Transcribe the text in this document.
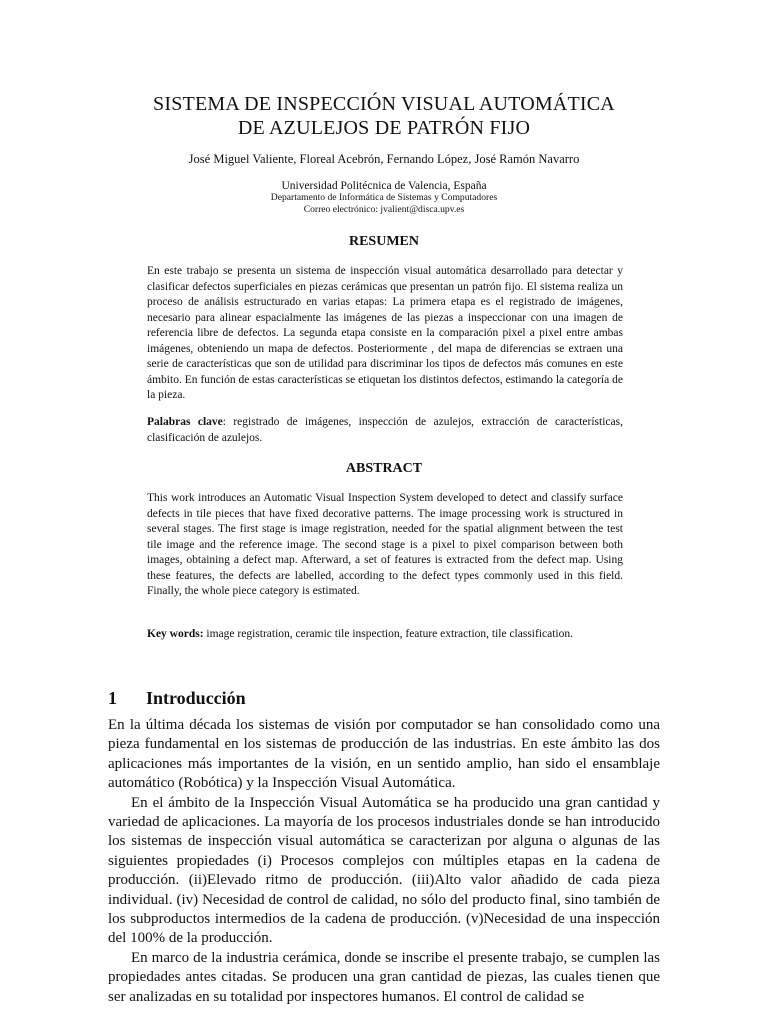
SISTEMA DE INSPECCIÓN VISUAL AUTOMÁTICA
DE AZULEJOS DE PATRÓN FIJO
José Miguel Valiente, Floreal Acebrón, Fernando López, José Ramón Navarro
Universidad Politécnica de Valencia, España
Departamento de Informática de Sistemas y Computadores
Correo electrónico: jvalient@disca.upv.es
RESUMEN
En este trabajo se presenta un sistema de inspección visual automática desarrollado para detectar y clasificar defectos superficiales en piezas cerámicas que presentan un patrón fijo. El sistema realiza un proceso de análisis estructurado en varias etapas: La primera etapa es el registrado de imágenes, necesario para alinear espacialmente las imágenes de las piezas a inspeccionar con una imagen de referencia libre de defectos. La segunda etapa consiste en la comparación pixel a pixel entre ambas imágenes, obteniendo un mapa de defectos. Posteriormente , del mapa de diferencias se extraen una serie de características que son de utilidad para discriminar los tipos de defectos más comunes en este ámbito. En función de estas características se etiquetan los distintos defectos, estimando la categoría de la pieza.
Palabras clave: registrado de imágenes, inspección de azulejos, extracción de características, clasificación de azulejos.
ABSTRACT
This work introduces an Automatic Visual Inspection System developed to detect and classify surface defects in tile pieces that have fixed decorative patterns. The image processing work is structured in several stages. The first stage is image registration, needed for the spatial alignment between the test tile image and the reference image. The second stage is a pixel to pixel comparison between both images, obtaining a defect map. Afterward, a set of features is extracted from the defect map. Using these features, the defects are labelled, according to the defect types commonly used in this field. Finally, the whole piece category is estimated.
Key words: image registration, ceramic tile inspection, feature extraction, tile classification.
1 Introducción

En la última década los sistemas de visión por computador se han consolidado como una pieza fundamental en los sistemas de producción de las industrias. En este ámbito las dos aplicaciones más importantes de la visión, en un sentido amplio, han sido el ensamblaje automático (Robótica) y la Inspección Visual Automática.

En el ámbito de la Inspección Visual Automática se ha producido una gran cantidad y variedad de aplicaciones. La mayoría de los procesos industriales donde se han introducido los sistemas de inspección visual automática se caracterizan por alguna o algunas de las siguientes propiedades (i) Procesos complejos con múltiples etapas en la cadena de producción. (ii)Elevado ritmo de producción. (iii)Alto valor añadido de cada pieza individual. (iv) Necesidad de control de calidad, no sólo del producto final, sino también de los subproductos intermedios de la cadena de producción. (v)Necesidad de una inspección del 100% de la producción.

En marco de la industria cerámica, donde se inscribe el presente trabajo, se cumplen las propiedades antes citadas. Se producen una gran cantidad de piezas, las cuales tienen que ser analizadas en su totalidad por inspectores humanos. El control de calidad se
